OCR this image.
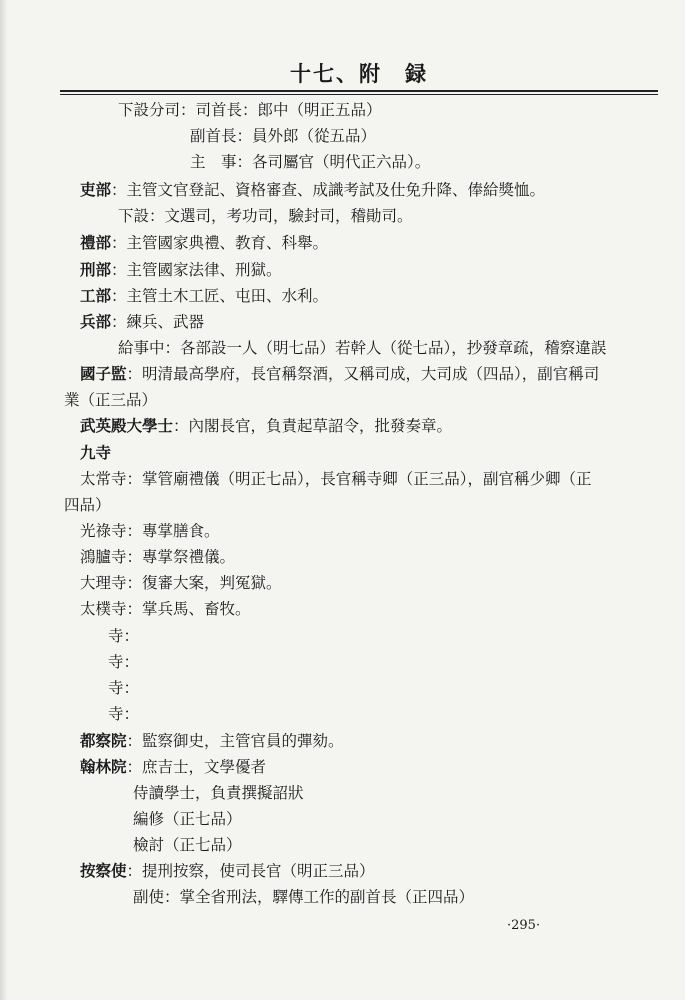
十七、附　録
下設分司：司首長：郎中（明正五品）
副首長：員外郎（從五品）
主　事：各司屬官（明代正六品）。
吏部：主管文官登記、資格審查、成識考試及仕免升降、俸給獎恤。
下設：文選司，考功司，驗封司，稽勛司。
禮部：主管國家典禮、教育、科舉。
刑部：主管國家法律、刑獄。
工部：主管土木工匠、屯田、水利。
兵部：練兵、武器
給事中：各部設一人（明七品）若幹人（從七品），抄發章疏，稽察違誤
國子監：明清最高學府，長官稱祭酒，又稱司成，大司成（四品），副官稱司
業（正三品）
武英殿大學士：內閣長官，負責起草詔令，批發奏章。
九寺
太常寺：掌管廟禮儀（明正七品），長官稱寺卿（正三品），副官稱少卿（正
四品）
光祿寺：專掌膳食。
鴻臚寺：專掌祭禮儀。
大理寺：復審大案，判冤獄。
太樸寺：掌兵馬、畜牧。
寺：
寺：
寺：
寺：
都察院：監察御史，主管官員的彈劾。
翰林院：庶吉士，文學優者
侍讀學士，負責撰擬詔狀
編修（正七品）
檢討（正七品）
按察使：提刑按察，使司長官（明正三品）
副使：掌全省刑法，驛傳工作的副首長（正四品）
·295·
